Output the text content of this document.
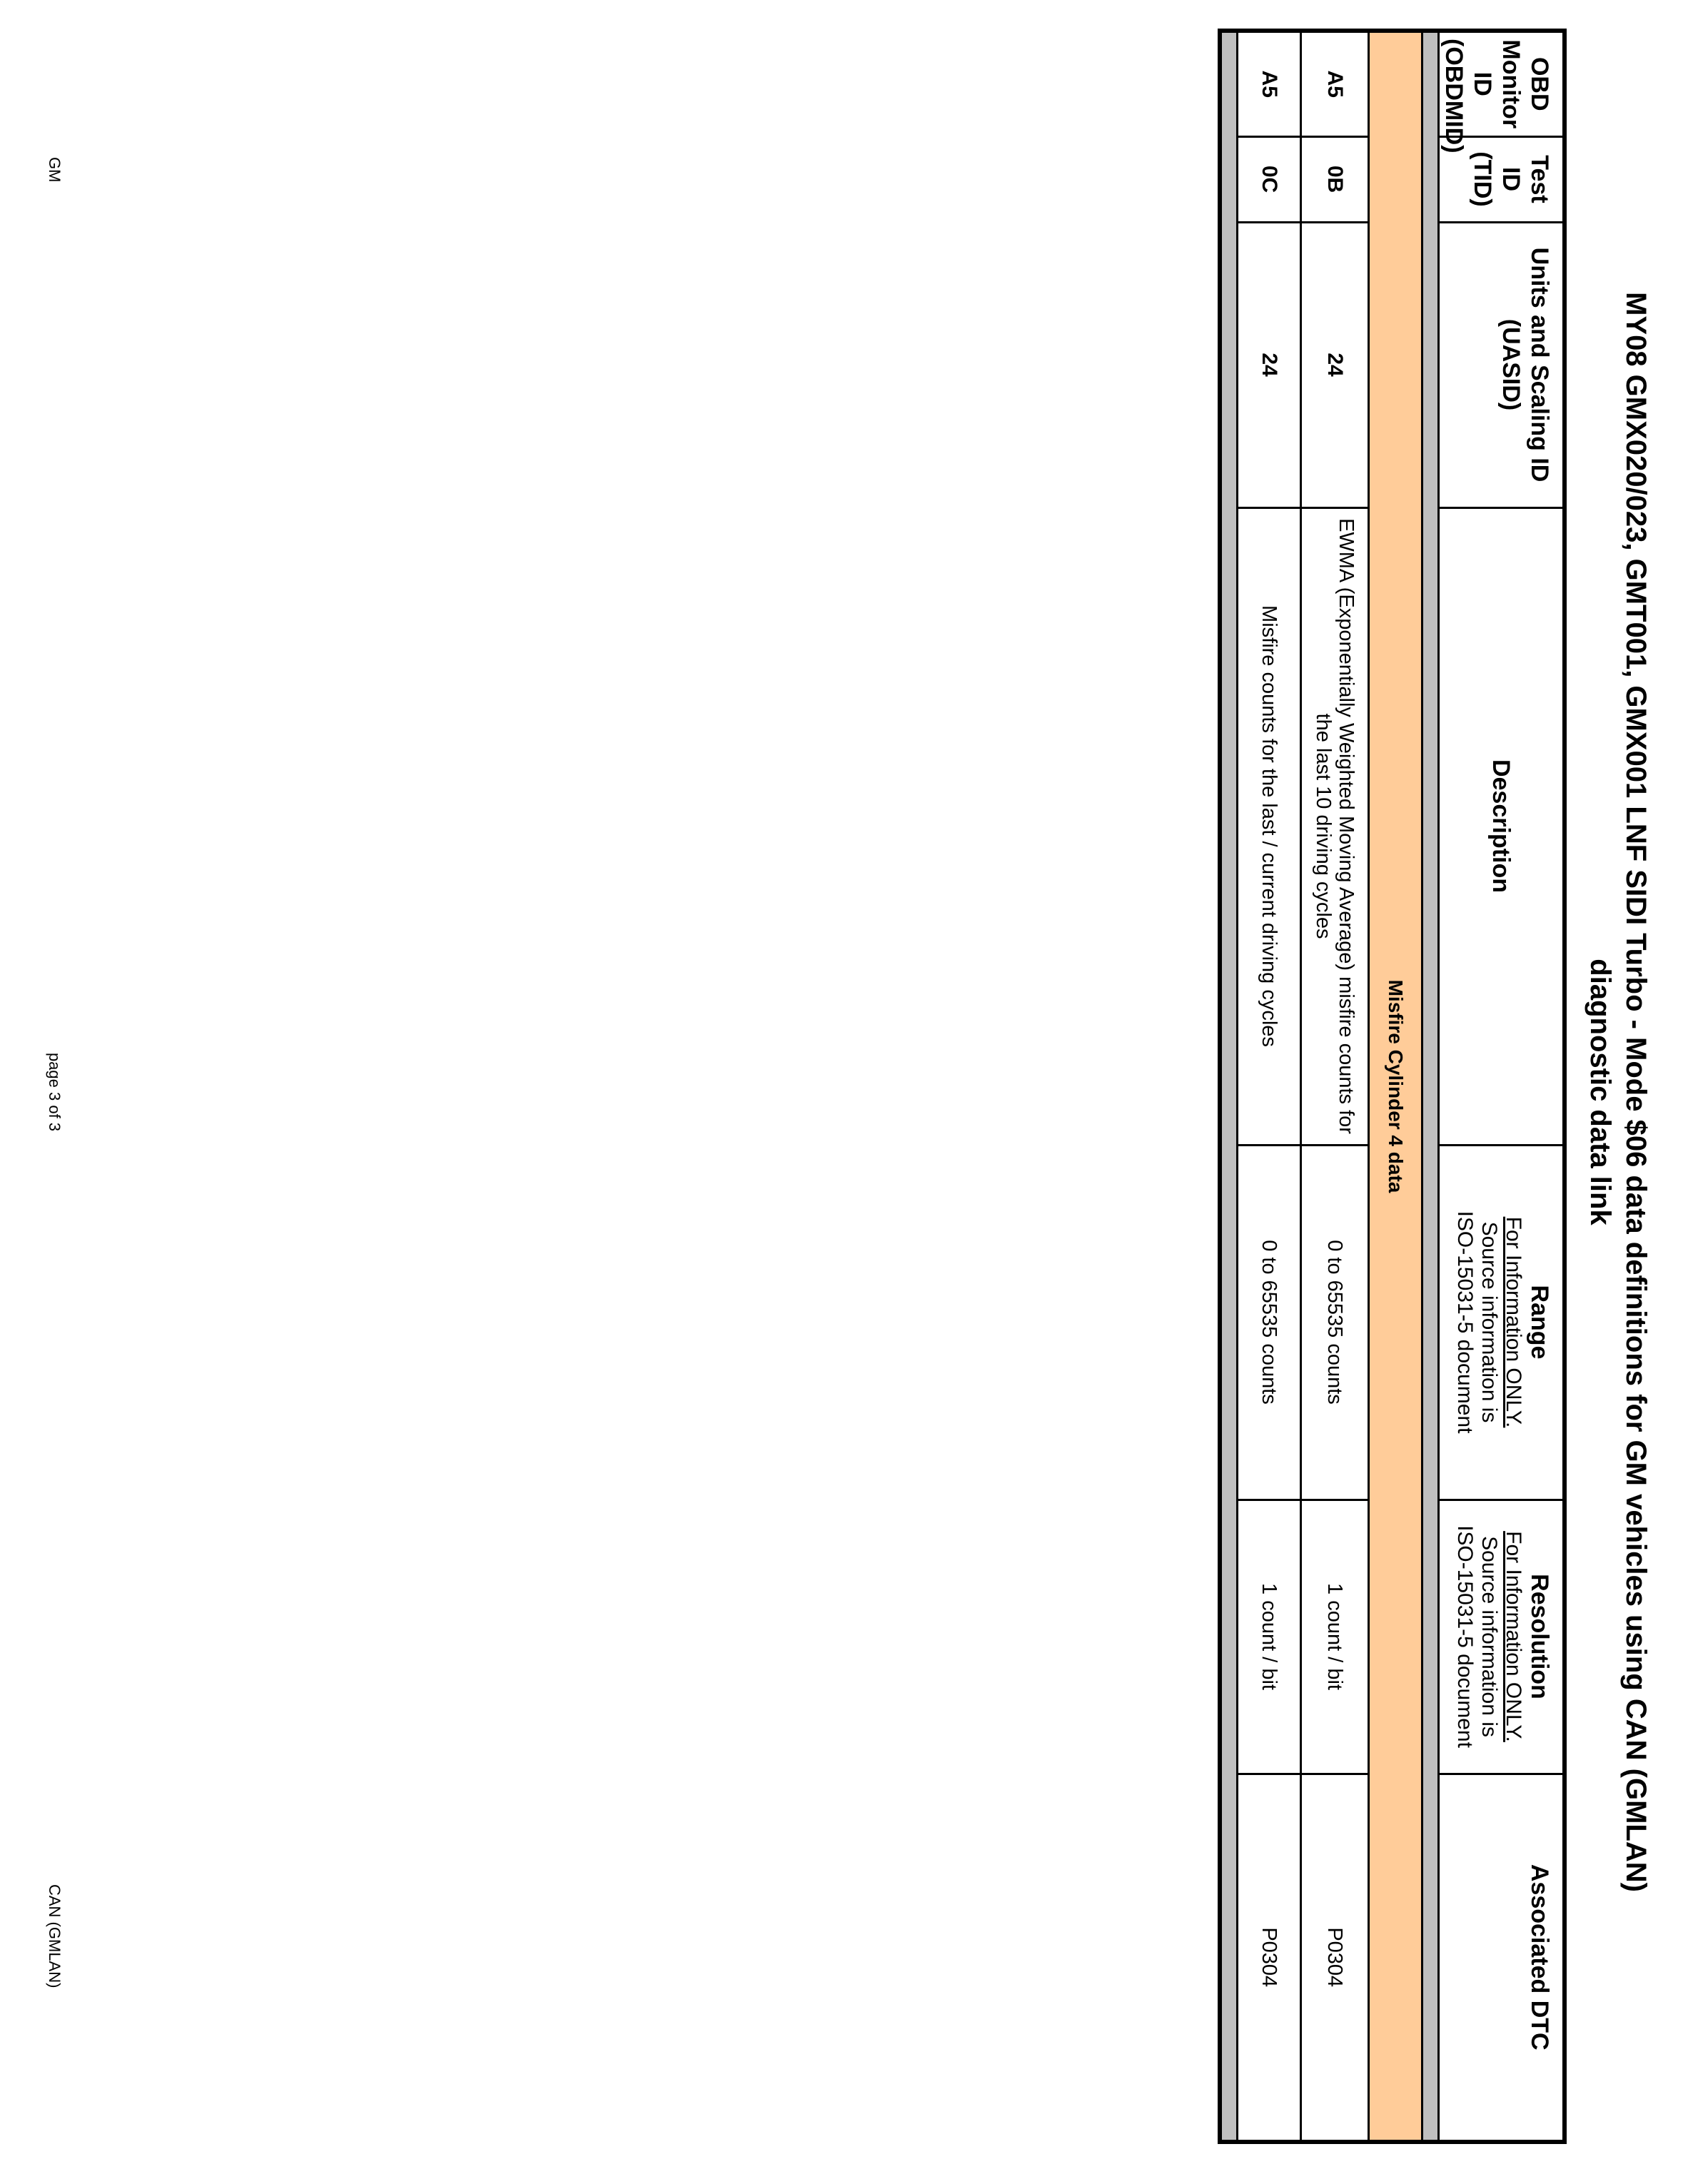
MY08 GMX020/023, GMT001, GMX001 LNF SIDI Turbo - Mode $06 data definitions for GM vehicles using CAN (GMLAN)
diagnostic data link
OBD Monitor ID (OBDMID)	Test ID (TID)	Units and Scaling ID (UASID)	Description	Range
For Information ONLY.
Source information is
ISO-15031-5 document	Resolution
For Information ONLY.
Source information is
ISO-15031-5 document	Associated DTC

Misfire Cylinder 4 data						
A5	0B	24	EWMA (Exponentially Weighted Moving Average) misfire counts for the last 10 driving cycles	0 to 65535 counts	1 count / bit	P0304
A5	0C	24	Misfire counts for the last / current driving cycles	0 to 65535 counts	1 count / bit	P0304

GM
page 3 of 3
CAN (GMLAN)
